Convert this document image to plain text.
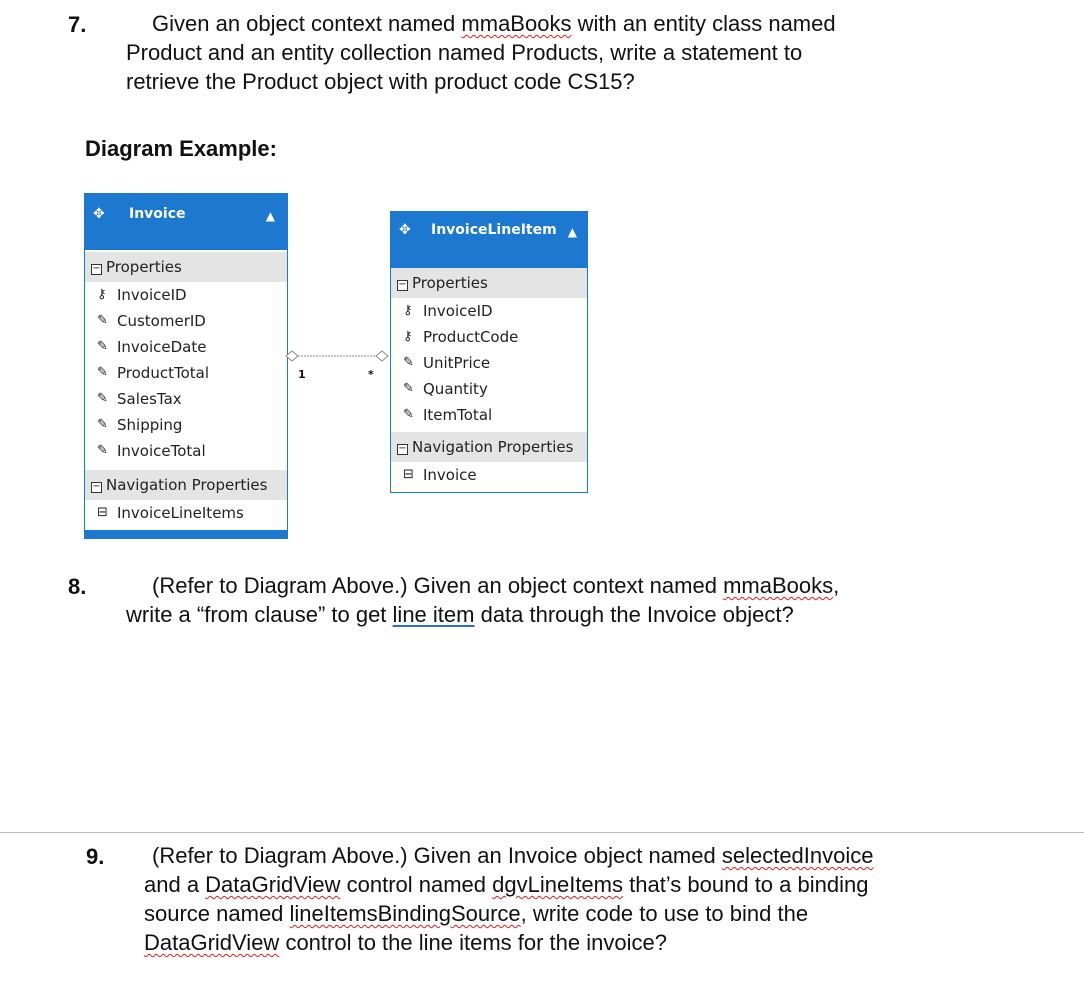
7.	Given an object context named mmaBooks with an entity class named
Product and an entity collection named Products, write a statement to
retrieve the Product object with product code CS15?
Diagram Example:
✥ Invoice	▲
− Properties
⚷ InvoiceID
✎ CustomerID
✎ InvoiceDate
✎ ProductTotal
✎ SalesTax
✎ Shipping
✎ InvoiceTotal
− Navigation Properties
⊟ InvoiceLineItems
✥ InvoiceLineItem ▲
− Properties
⚷ InvoiceID
⚷ ProductCode
✎ UnitPrice
✎ Quantity
✎ ItemTotal
− Navigation Properties
⊟ Invoice
1	*
8.	(Refer to Diagram Above.) Given an object context named mmaBooks,
write a “from clause” to get line item data through the Invoice object?
9. (Refer to Diagram Above.) Given an Invoice object named selectedInvoice
and a DataGridView control named dgvLineItems that’s bound to a binding
source named lineItemsBindingSource, write code to use to bind the
DataGridView control to the line items for the invoice?
